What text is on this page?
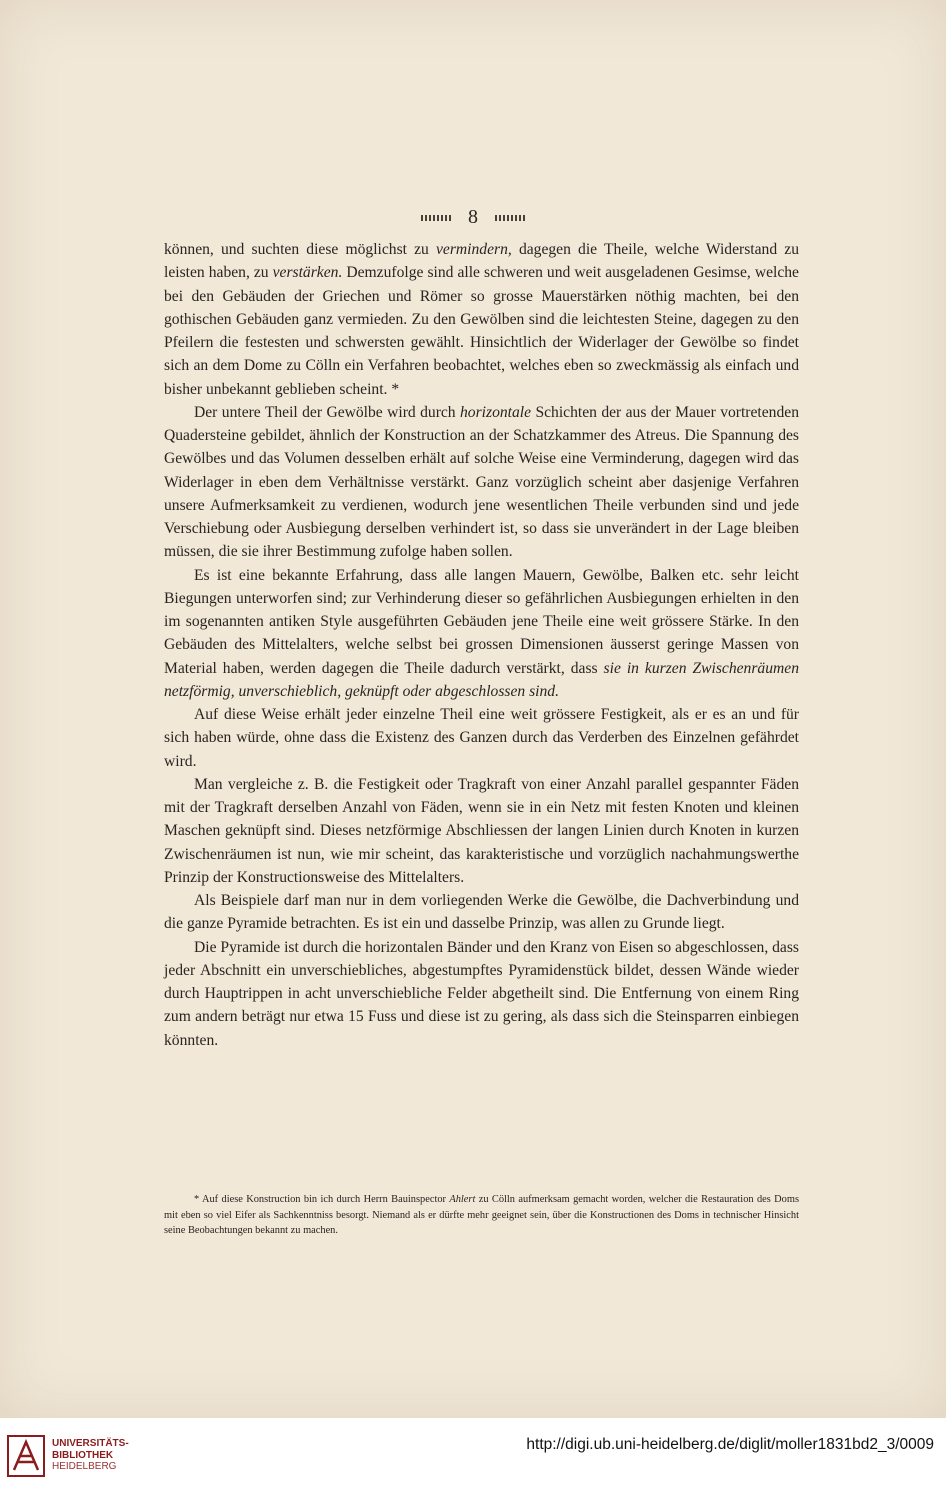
8

können, und suchten diese möglichst zu vermindern, dagegen die Theile, welche Widerstand zu leisten haben, zu verstärken. Demzufolge sind alle schweren und weit ausgeladenen Gesimse, welche bei den Gebäuden der Griechen und Römer so grosse Mauerstärken nöthig machten, bei den gothischen Gebäuden ganz vermieden. Zu den Gewölben sind die leichtesten Steine, dagegen zu den Pfeilern die festesten und schwersten gewählt. Hinsichtlich der Widerlager der Gewölbe so findet sich an dem Dome zu Cölln ein Verfahren beobachtet, welches eben so zweckmässig als einfach und bisher unbekannt geblieben scheint. *

Der untere Theil der Gewölbe wird durch horizontale Schichten der aus der Mauer vortretenden Quadersteine gebildet, ähnlich der Konstruction an der Schatzkammer des Atreus. Die Spannung des Gewölbes und das Volumen desselben erhält auf solche Weise eine Verminderung, dagegen wird das Widerlager in eben dem Verhältnisse verstärkt. Ganz vorzüglich scheint aber dasjenige Verfahren unsere Aufmerksamkeit zu verdienen, wodurch jene wesentlichen Theile verbunden sind und jede Verschiebung oder Ausbiegung derselben verhindert ist, so dass sie unverändert in der Lage bleiben müssen, die sie ihrer Bestimmung zufolge haben sollen.

Es ist eine bekannte Erfahrung, dass alle langen Mauern, Gewölbe, Balken etc. sehr leicht Biegungen unterworfen sind; zur Verhinderung dieser so gefährlichen Ausbiegungen erhielten in den im sogenannten antiken Style ausgeführten Gebäuden jene Theile eine weit grössere Stärke. In den Gebäuden des Mittelalters, welche selbst bei grossen Dimensionen äusserst geringe Massen von Material haben, werden dagegen die Theile dadurch verstärkt, dass sie in kurzen Zwischenräumen netzförmig, unverschieblich, geknüpft oder abgeschlossen sind.

Auf diese Weise erhält jeder einzelne Theil eine weit grössere Festigkeit, als er es an und für sich haben würde, ohne dass die Existenz des Ganzen durch das Verderben des Einzelnen gefährdet wird.

Man vergleiche z. B. die Festigkeit oder Tragkraft von einer Anzahl parallel gespannter Fäden mit der Tragkraft derselben Anzahl von Fäden, wenn sie in ein Netz mit festen Knoten und kleinen Maschen geknüpft sind. Dieses netzförmige Abschliessen der langen Linien durch Knoten in kurzen Zwischenräumen ist nun, wie mir scheint, das karakteristische und vorzüglich nachahmungswerthe Prinzip der Konstructionsweise des Mittelalters.

Als Beispiele darf man nur in dem vorliegenden Werke die Gewölbe, die Dachverbindung und die ganze Pyramide betrachten. Es ist ein und dasselbe Prinzip, was allen zu Grunde liegt.

Die Pyramide ist durch die horizontalen Bänder und den Kranz von Eisen so abgeschlossen, dass jeder Abschnitt ein unverschiebliches, abgestumpftes Pyramidenstück bildet, dessen Wände wieder durch Hauptrippen in acht unverschiebliche Felder abgetheilt sind. Die Entfernung von einem Ring zum andern beträgt nur etwa 15 Fuss und diese ist zu gering, als dass sich die Steinsparren einbiegen könnten.

* Auf diese Konstruction bin ich durch Herrn Bauinspector Ahlert zu Cölln aufmerksam gemacht worden, welcher die Restauration des Doms mit eben so viel Eifer als Sachkenntniss besorgt. Niemand als er dürfte mehr geeignet sein, über die Konstructionen des Doms in technischer Hinsicht seine Beobachtungen bekannt zu machen.
UNIVERSITÄTS-
BIBLIOTHEK
HEIDELBERG
http://digi.ub.uni-heidelberg.de/diglit/moller1831bd2_3/0009
